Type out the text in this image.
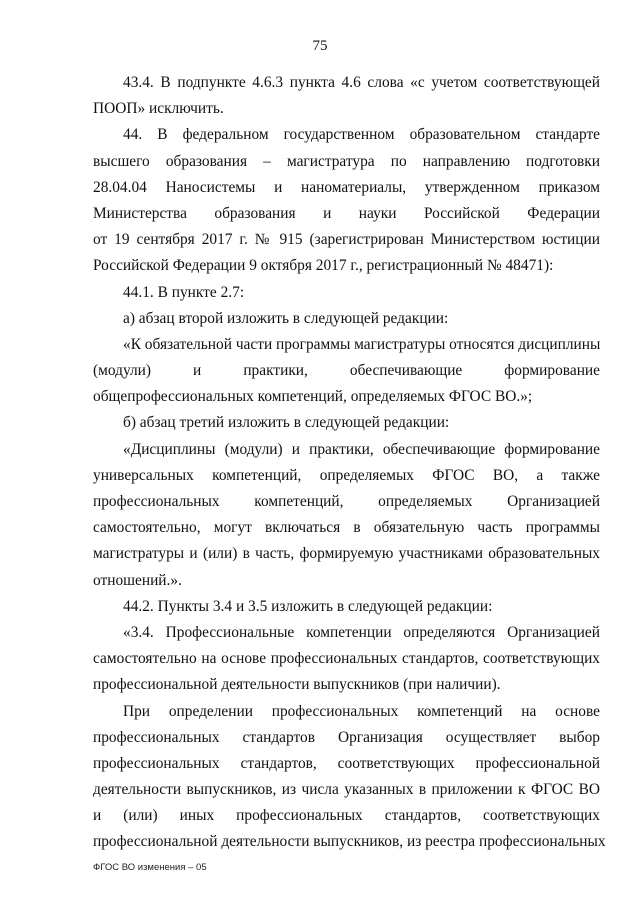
75
43.4. В подпункте 4.6.3 пункта 4.6 слова «с учетом соответствующей
ПООП» исключить.
44. В федеральном государственном образовательном стандарте
высшего образования – магистратура по направлению подготовки
28.04.04 Наносистемы и наноматериалы, утвержденном приказом
Министерства образования и науки Российской Федерации
от 19 сентября 2017 г. № 915 (зарегистрирован Министерством юстиции
Российской Федерации 9 октября 2017 г., регистрационный № 48471):
44.1. В пункте 2.7:
а) абзац второй изложить в следующей редакции:
«К обязательной части программы магистратуры относятся дисциплины
(модули) и практики, обеспечивающие формирование
общепрофессиональных компетенций, определяемых ФГОС ВО.»;
б) абзац третий изложить в следующей редакции:
«Дисциплины (модули) и практики, обеспечивающие формирование
универсальных компетенций, определяемых ФГОС ВО, а также
профессиональных компетенций, определяемых Организацией
самостоятельно, могут включаться в обязательную часть программы
магистратуры и (или) в часть, формируемую участниками образовательных
отношений.».
44.2. Пункты 3.4 и 3.5 изложить в следующей редакции:
«3.4. Профессиональные компетенции определяются Организацией
самостоятельно на основе профессиональных стандартов, соответствующих
профессиональной деятельности выпускников (при наличии).
При определении профессиональных компетенций на основе
профессиональных стандартов Организация осуществляет выбор
профессиональных стандартов, соответствующих профессиональной
деятельности выпускников, из числа указанных в приложении к ФГОС ВО
и (или) иных профессиональных стандартов, соответствующих
профессиональной деятельности выпускников, из реестра профессиональных
ФГОС ВО изменения – 05
